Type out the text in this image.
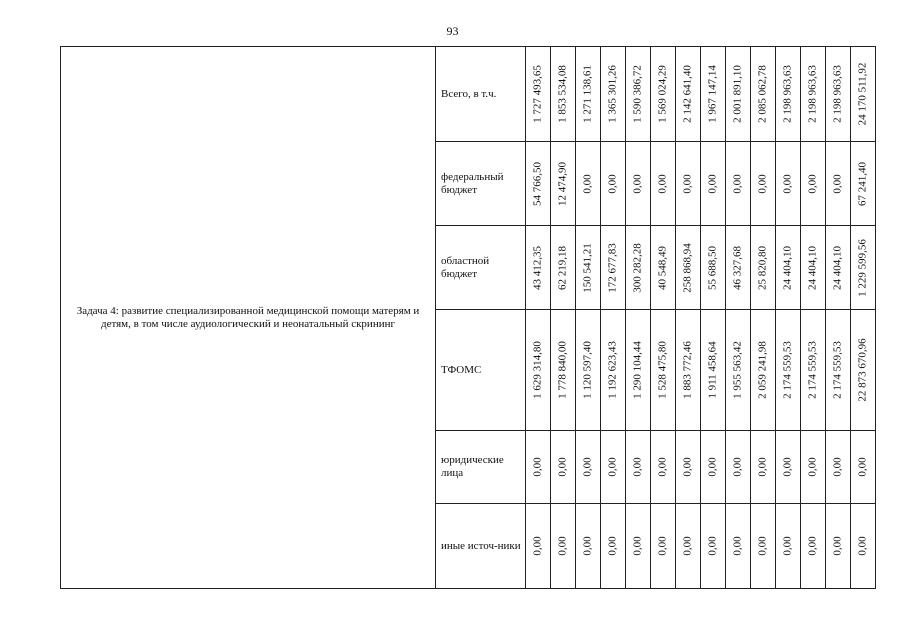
93
Задача 4: развитие специализированной медицинской помощи матерям и детям, в том числе аудиологический и неонатальный скрининг	Всего, в т.ч.	1 727 493,65	1 853 534,08	1 271 138,61	1 365 301,26	1 590 386,72	1 569 024,29	2 142 641,40	1 967 147,14	2 001 891,10	2 085 062,78	2 198 963,63	2 198 963,63	2 198 963,63	24 170 511,92

	федеральный бюджет	54 766,50	12 474,90	0,00	0,00	0,00	0,00	0,00	0,00	0,00	0,00	0,00	0,00	0,00	67 241,40

	областной бюджет	43 412,35	62 219,18	150 541,21	172 677,83	300 282,28	40 548,49	258 868,94	55 688,50	46 327,68	25 820,80	24 404,10	24 404,10	24 404,10	1 229 599,56

	ТФОМС	1 629 314,80	1 778 840,00	1 120 597,40	1 192 623,43	1 290 104,44	1 528 475,80	1 883 772,46	1 911 458,64	1 955 563,42	2 059 241,98	2 174 559,53	2 174 559,53	2 174 559,53	22 873 670,96

	юридические лица	0,00	0,00	0,00	0,00	0,00	0,00	0,00	0,00	0,00	0,00	0,00	0,00	0,00	0,00

	иные источ-ники	0,00	0,00	0,00	0,00	0,00	0,00	0,00	0,00	0,00	0,00	0,00	0,00	0,00	0,00
